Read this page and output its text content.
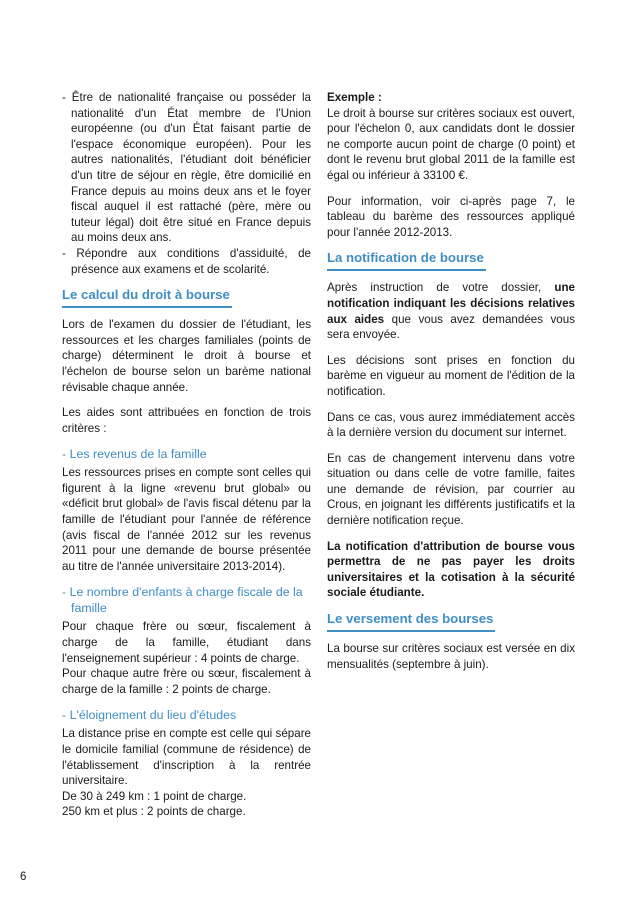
- Être de nationalité française ou posséder la nationalité d'un État membre de l'Union européenne (ou d'un État faisant partie de l'espace économique européen). Pour les autres nationalités, l'étudiant doit bénéficier d'un titre de séjour en règle, être domicilié en France depuis au moins deux ans et le foyer fiscal auquel il est rattaché (père, mère ou tuteur légal) doit être situé en France depuis au moins deux ans.

- Répondre aux conditions d'assiduité, de présence aux examens et de scolarité.

Le calcul du droit à bourse

Lors de l'examen du dossier de l'étudiant, les ressources et les charges familiales (points de charge) déterminent le droit à bourse et l'échelon de bourse selon un barème national révisable chaque année.

Les aides sont attribuées en fonction de trois critères :

- Les revenus de la famille

Les ressources prises en compte sont celles qui figurent à la ligne «revenu brut global» ou «déficit brut global» de l'avis fiscal détenu par la famille de l'étudiant pour l'année de référence (avis fiscal de l'année 2012 sur les revenus 2011 pour une demande de bourse présentée au titre de l'année universitaire 2013-2014).

- Le nombre d'enfants à charge fiscale de la famille

Pour chaque frère ou sœur, fiscalement à charge de la famille, étudiant dans l'enseignement supérieur : 4 points de charge.

Pour chaque autre frère ou sœur, fiscalement à charge de la famille : 2 points de charge.

- L'éloignement du lieu d'études

La distance prise en compte est celle qui sépare le domicile familial (commune de résidence) de l'établissement d'inscription à la rentrée universitaire.

De 30 à 249 km : 1 point de charge.

250 km et plus : 2 points de charge.

Exemple :

Le droit à bourse sur critères sociaux est ouvert, pour l'échelon 0, aux candidats dont le dossier ne comporte aucun point de charge (0 point) et dont le revenu brut global 2011 de la famille est égal ou inférieur à 33100 €.

Pour information, voir ci-après page 7, le tableau du barème des ressources appliqué pour l'année 2012-2013.

La notification de bourse

Après instruction de votre dossier, une notification indiquant les décisions relatives aux aides que vous avez demandées vous sera envoyée.

Les décisions sont prises en fonction du barème en vigueur au moment de l'édition de la notification.

Dans ce cas, vous aurez immédiatement accès à la dernière version du document sur internet.

En cas de changement intervenu dans votre situation ou dans celle de votre famille, faites une demande de révision, par courrier au Crous, en joignant les différents justificatifs et la dernière notification reçue.

La notification d'attribution de bourse vous permettra de ne pas payer les droits universitaires et la cotisation à la sécurité sociale étudiante.

Le versement des bourses

La bourse sur critères sociaux est versée en dix mensualités (septembre à juin).

6
